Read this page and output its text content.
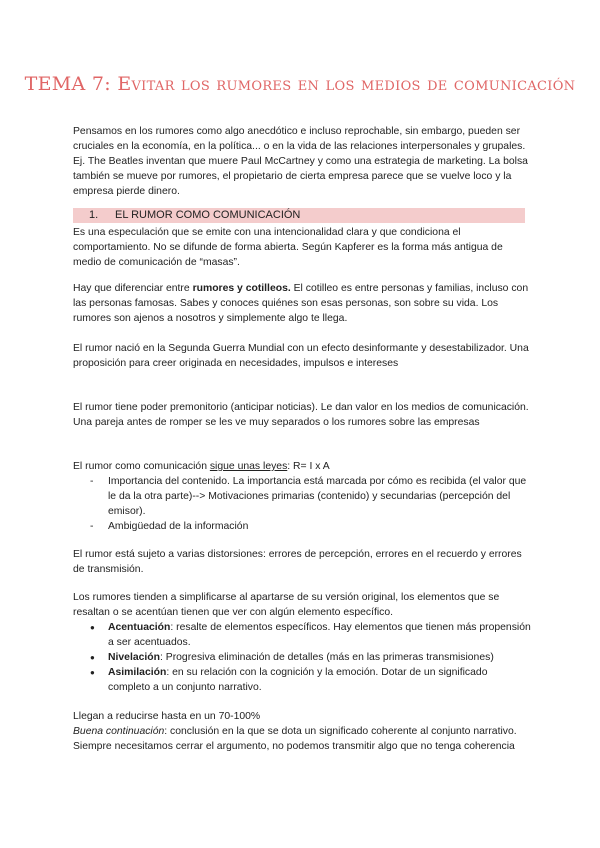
TEMA 7: Evitar los rumores en los medios de comunicación

Pensamos en los rumores como algo anecdótico e incluso reprochable, sin embargo, pueden ser cruciales en la economía, en la política... o en la vida de las relaciones interpersonales y grupales. Ej. The Beatles inventan que muere Paul McCartney y como una estrategia de marketing. La bolsa también se mueve por rumores, el propietario de cierta empresa parece que se vuelve loco y la empresa pierde dinero.

1. EL RUMOR COMO COMUNICACIÓN

Es una especulación que se emite con una intencionalidad clara y que condiciona el comportamiento. No se difunde de forma abierta. Según Kapferer es la forma más antigua de medio de comunicación de “masas”.

Hay que diferenciar entre rumores y cotilleos. El cotilleo es entre personas y familias, incluso con las personas famosas. Sabes y conoces quiénes son esas personas, son sobre su vida. Los rumores son ajenos a nosotros y simplemente algo te llega.

El rumor nació en la Segunda Guerra Mundial con un efecto desinformante y desestabilizador. Una proposición para creer originada en necesidades, impulsos e intereses

El rumor tiene poder premonitorio (anticipar noticias). Le dan valor en los medios de comunicación. Una pareja antes de romper se les ve muy separados o los rumores sobre las empresas

El rumor como comunicación sigue unas leyes: R= I x A
- Importancia del contenido. La importancia está marcada por cómo es recibida (el valor que le da la otra parte)--> Motivaciones primarias (contenido) y secundarias (percepción del emisor).
- Ambigüedad de la información

El rumor está sujeto a varias distorsiones: errores de percepción, errores en el recuerdo y errores de transmisión.

Los rumores tienden a simplificarse al apartarse de su versión original, los elementos que se resaltan o se acentúan tienen que ver con algún elemento específico.
● Acentuación: resalte de elementos específicos. Hay elementos que tienen más propensión a ser acentuados.
● Nivelación: Progresiva eliminación de detalles (más en las primeras transmisiones)
● Asimilación: en su relación con la cognición y la emoción. Dotar de un significado completo a un conjunto narrativo.
Llegan a reducirse hasta en un 70-100%
Buena continuación: conclusión en la que se dota un significado coherente al conjunto narrativo. Siempre necesitamos cerrar el argumento, no podemos transmitir algo que no tenga coherencia
